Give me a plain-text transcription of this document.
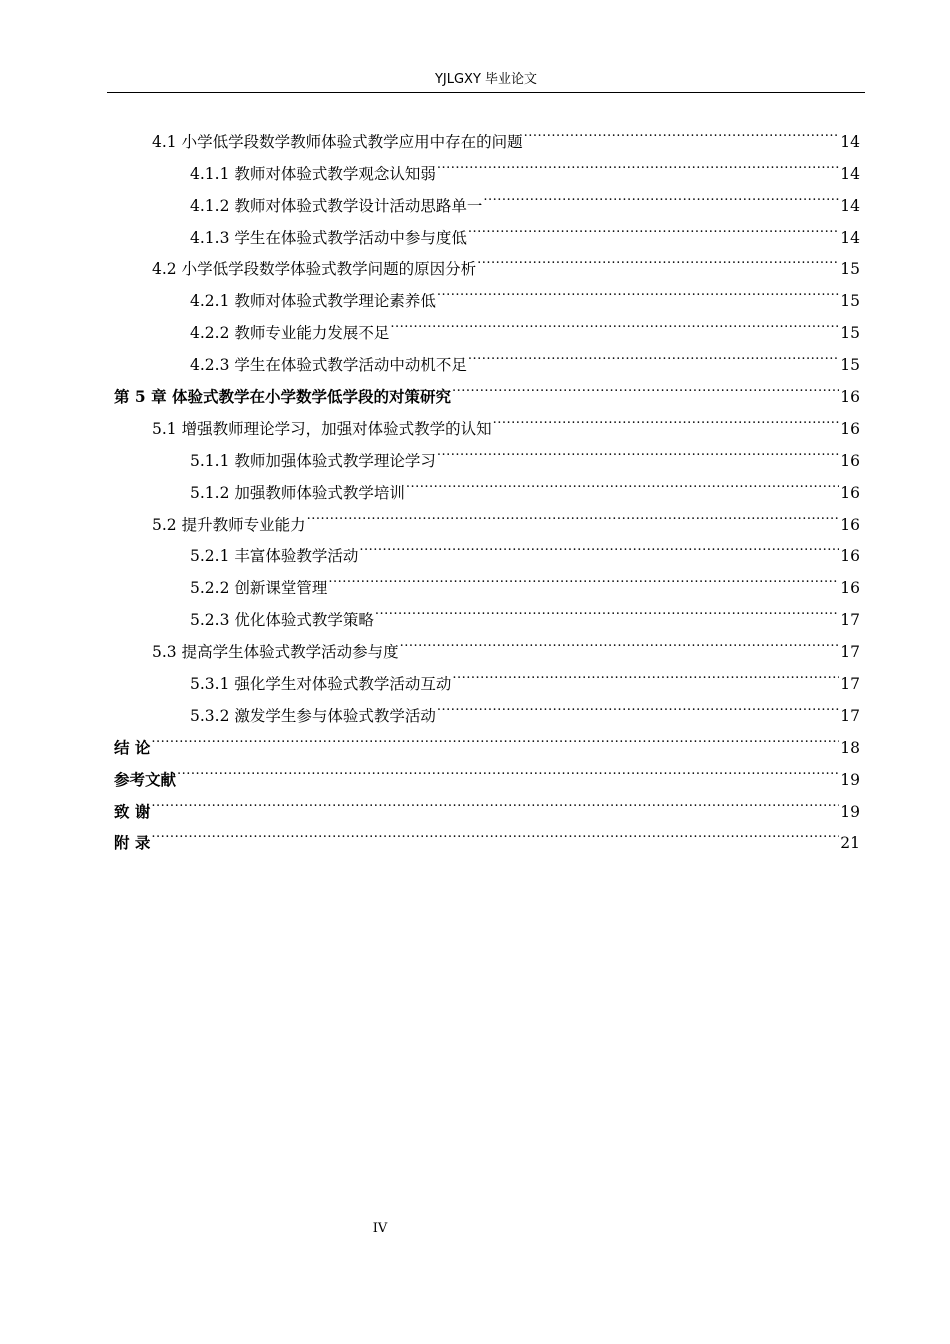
YJLGXY 毕业论文
4.1 小学低学段数学教师体验式教学应用中存在的问题 .....	14
4.1.1 教师对体验式教学观念认知弱 .....	14
4.1.2 教师对体验式教学设计活动思路单一 .....	14
4.1.3 学生在体验式教学活动中参与度低 .....	14
4.2 小学低学段数学体验式教学问题的原因分析 .....	15
4.2.1 教师对体验式教学理论素养低 .....	15
4.2.2 教师专业能力发展不足 .....	15
4.2.3 学生在体验式教学活动中动机不足 .....	15
第 5 章 体验式教学在小学数学低学段的对策研究 .....	16
5.1 增强教师理论学习，加强对体验式教学的认知 .....	16
5.1.1 教师加强体验式教学理论学习 .....	16
5.1.2 加强教师体验式教学培训 .....	16
5.2 提升教师专业能力 .....	16
5.2.1 丰富体验教学活动 .....	16
5.2.2 创新课堂管理 .....	16
5.2.3 优化体验式教学策略 .....	17
5.3 提高学生体验式教学活动参与度 .....	17
5.3.1 强化学生对体验式教学活动互动 .....	17
5.3.2 激发学生参与体验式教学活动 .....	17
结 论 .....	18
参考文献 .....	19
致 谢 .....	19
附 录 .....	21
IV
